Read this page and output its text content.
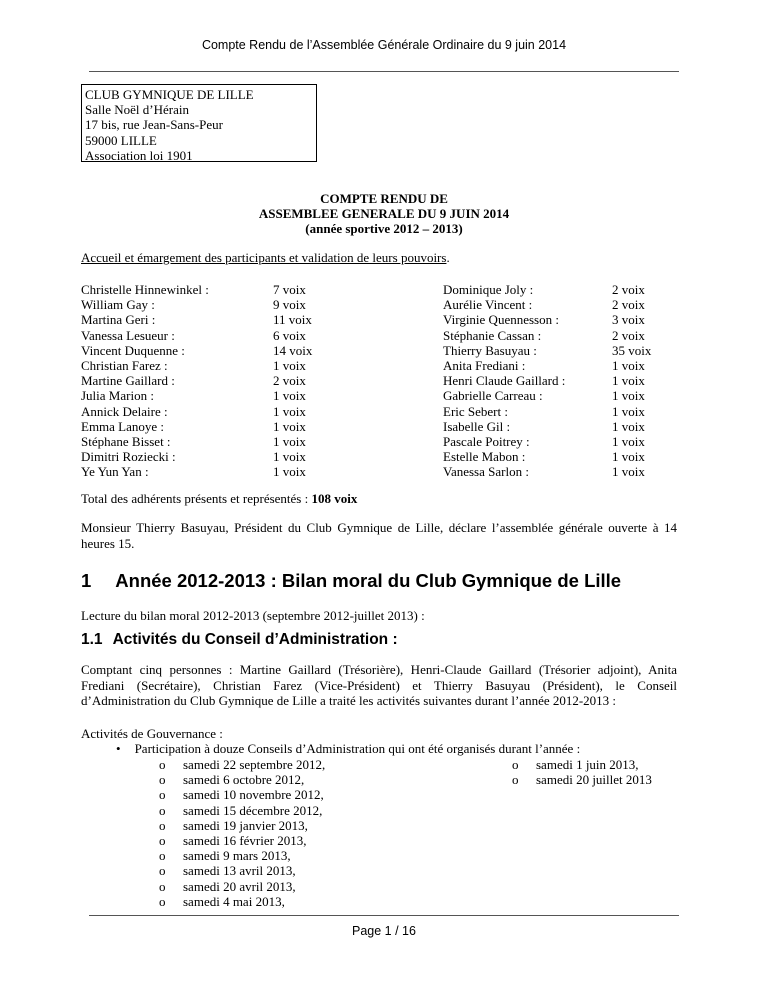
Compte Rendu de l’Assemblée Générale Ordinaire du 9 juin 2014
CLUB GYMNIQUE DE LILLE
Salle Noël d’Hérain
17 bis, rue Jean-Sans-Peur
59000 LILLE
Association loi 1901
COMPTE RENDU DE
ASSEMBLEE GENERALE DU 9 JUIN 2014
(année sportive 2012 – 2013)
Accueil et émargement des participants et validation de leurs pouvoirs.
Christelle Hinnewinkel :
William Gay :
Martina Geri :
Vanessa Lesueur :
Vincent Duquenne :
Christian Farez :
Martine Gaillard :
Julia Marion :
Annick Delaire :
Emma Lanoye :
Stéphane Bisset :
Dimitri Roziecki :
Ye Yun Yan :
7 voix
9 voix
11 voix
6 voix
14 voix
1 voix
2 voix
1 voix
1 voix
1 voix
1 voix
1 voix
1 voix
Dominique Joly :
Aurélie Vincent :
Virginie Quennesson :
Stéphanie Cassan :
Thierry Basuyau :
Anita Frediani :
Henri Claude Gaillard :
Gabrielle Carreau :
Eric Sebert :
Isabelle Gil :
Pascale Poitrey :
Estelle Mabon :
Vanessa Sarlon :
2 voix
2 voix
3 voix
2 voix
35 voix
1 voix
1 voix
1 voix
1 voix
1 voix
1 voix
1 voix
1 voix
Total des adhérents présents et représentés : 108 voix
Monsieur Thierry Basuyau, Président du Club Gymnique de Lille, déclare l’assemblée générale ouverte à 14 heures 15.
1 Année 2012-2013 : Bilan moral du Club Gymnique de Lille
Lecture du bilan moral 2012-2013 (septembre 2012-juillet 2013) :
1.1 Activités du Conseil d’Administration :
Comptant cinq personnes : Martine Gaillard (Trésorière), Henri-Claude Gaillard (Trésorier adjoint), Anita Frediani (Secrétaire), Christian Farez (Vice-Président) et Thierry Basuyau (Président), le Conseil d’Administration du Club Gymnique de Lille a traité les activités suivantes durant l’année 2012-2013 :
Activités de Gouvernance :
• Participation à douze Conseils d’Administration qui ont été organisés durant l’année :
o samedi 22 septembre 2012,
o samedi 6 octobre 2012,
o samedi 10 novembre 2012,
o samedi 15 décembre 2012,
o samedi 19 janvier 2013,
o samedi 16 février 2013,
o samedi 9 mars 2013,
o samedi 13 avril 2013,
o samedi 20 avril 2013,
o samedi 4 mai 2013,
o samedi 1 juin 2013,
o samedi 20 juillet 2013
Page 1 / 16
